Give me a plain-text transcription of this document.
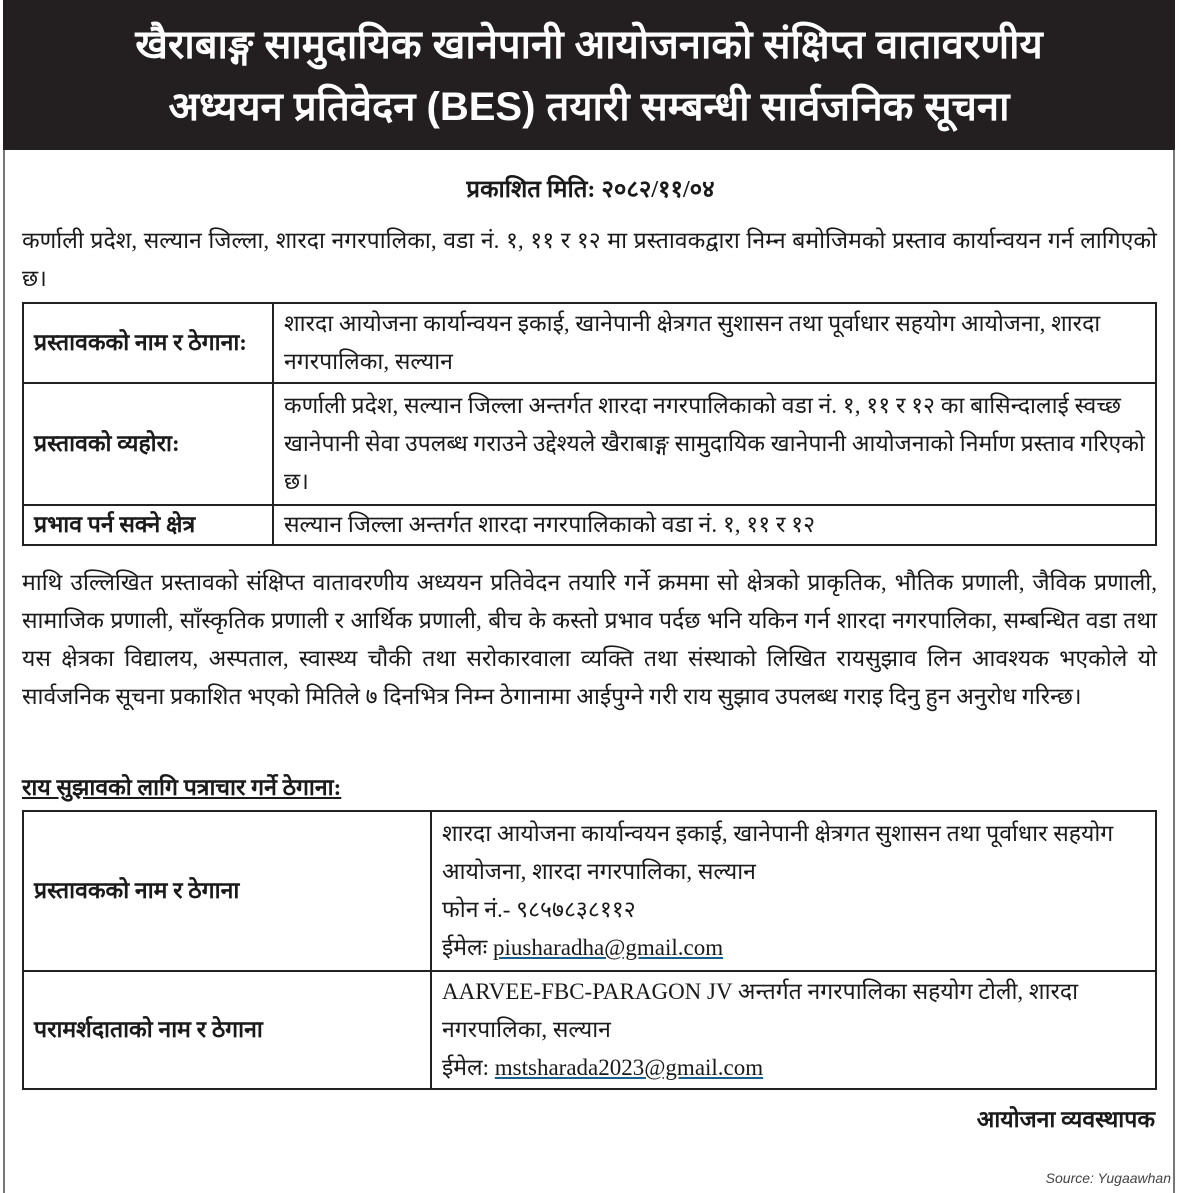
खैराबाङ्ग सामुदायिक खानेपानी आयोजनाको संक्षिप्त वातावरणीय
अध्ययन प्रतिवेदन (BES) तयारी सम्बन्धी सार्वजनिक सूचना
प्रकाशित मिति: २०८२/११/०४
कर्णाली प्रदेश, सल्यान जिल्ला, शारदा नगरपालिका, वडा नं. १, ११ र १२ मा प्रस्तावकद्वारा निम्न बमोजिमको प्रस्ताव कार्यान्वयन गर्न लागिएको छ।
प्रस्तावकको नाम र ठेगाना:	शारदा आयोजना कार्यान्वयन इकाई, खानेपानी क्षेत्रगत सुशासन तथा पूर्वाधार सहयोग आयोजना, शारदा नगरपालिका, सल्यान
प्रस्तावको व्यहोरा:	कर्णाली प्रदेश, सल्यान जिल्ला अन्तर्गत शारदा नगरपालिकाको वडा नं. १, ११ र १२ का बासिन्दालाई स्वच्छ खानेपानी सेवा उपलब्ध गराउने उद्देश्यले खैराबाङ्ग सामुदायिक खानेपानी आयोजनाको निर्माण प्रस्ताव गरिएको छ।
प्रभाव पर्न सक्ने क्षेत्र	सल्यान जिल्ला अन्तर्गत शारदा नगरपालिकाको वडा नं. १, ११ र १२
माथि उल्लिखित प्रस्तावको संक्षिप्त वातावरणीय अध्ययन प्रतिवेदन तयारि गर्ने क्रममा सो क्षेत्रको प्राकृतिक, भौतिक प्रणाली, जैविक प्रणाली, सामाजिक प्रणाली, साँस्कृतिक प्रणाली र आर्थिक प्रणाली, बीच के कस्तो प्रभाव पर्दछ भनि यकिन गर्न शारदा नगरपालिका, सम्बन्धित वडा तथा यस क्षेत्रका विद्यालय, अस्पताल, स्वास्थ्य चौकी तथा सरोकारवाला व्यक्ति तथा संस्थाको लिखित रायसुझाव लिन आवश्यक भएकोले यो सार्वजनिक सूचना प्रकाशित भएको मितिले ७ दिनभित्र निम्न ठेगानामा आईपुग्ने गरी राय सुझाव उपलब्ध गराइ दिनु हुन अनुरोध गरिन्छ।
राय सुझावको लागि पत्राचार गर्ने ठेगाना:
प्रस्तावकको नाम र ठेगाना	शारदा आयोजना कार्यान्वयन इकाई, खानेपानी क्षेत्रगत सुशासन तथा पूर्वाधार सहयोग आयोजना, शारदा नगरपालिका, सल्यान
फोन नं.- ९८५७८३८११२
ईमेलः piusharadha@gmail.com

परामर्शदाताको नाम र ठेगाना	AARVEE-FBC-PARAGON JV अन्तर्गत नगरपालिका सहयोग टोली, शारदा नगरपालिका, सल्यान
ईमेल: mstsharada2023@gmail.com
आयोजना व्यवस्थापक
Source: Yugaawhan
